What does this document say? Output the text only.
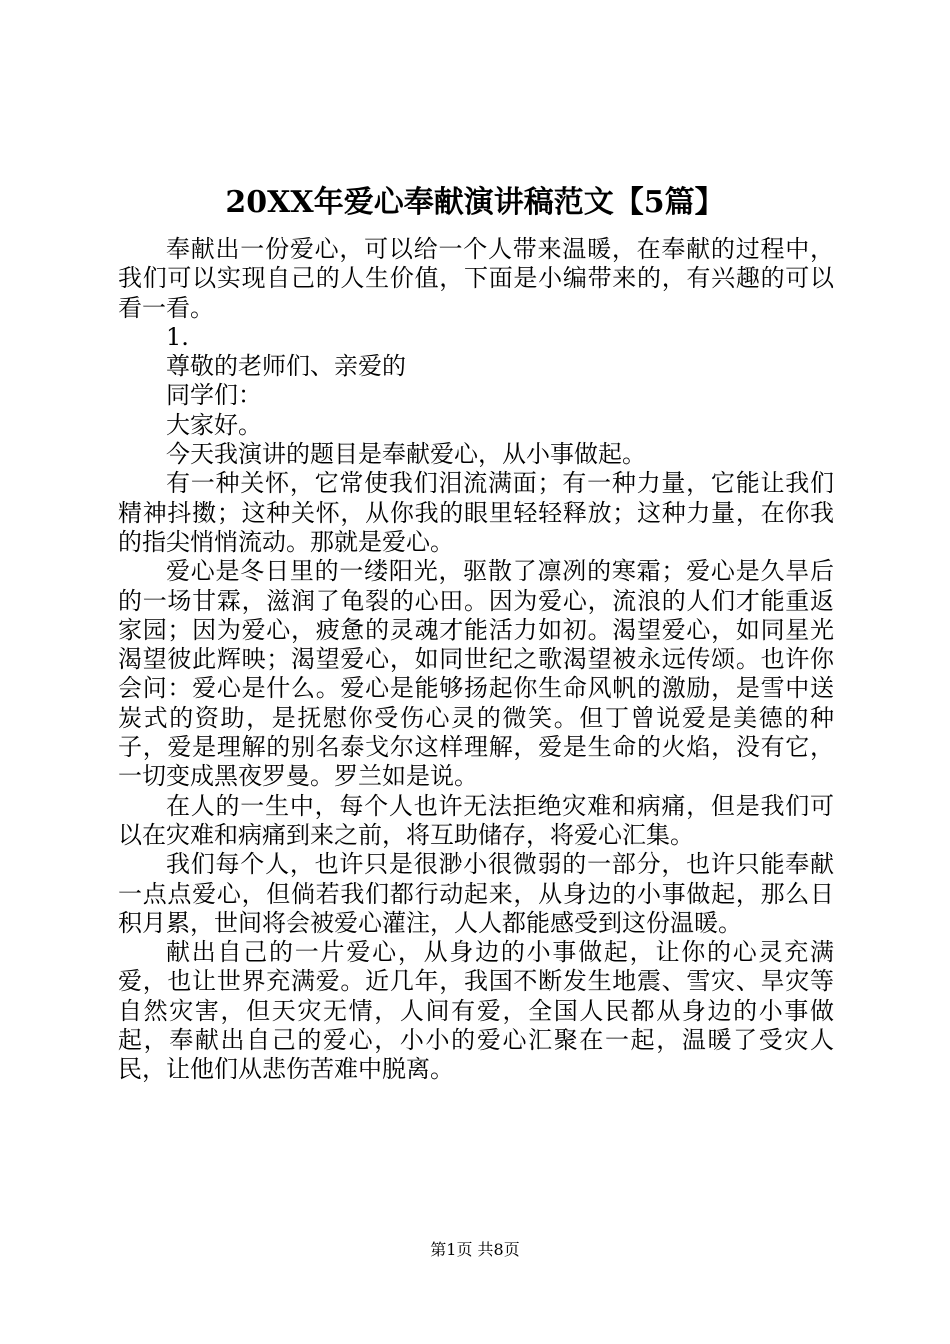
20XX年爱心奉献演讲稿范文【5篇】

奉献出一份爱心，可以给一个人带来温暖，在奉献的过程中，我们可以实现自己的人生价值，下面是小编带来的，有兴趣的可以看一看。

1.

尊敬的老师们、亲爱的

同学们：

大家好。

今天我演讲的题目是奉献爱心，从小事做起。

有一种关怀，它常使我们泪流满面；有一种力量，它能让我们精神抖擞；这种关怀，从你我的眼里轻轻释放；这种力量，在你我的指尖悄悄流动。那就是爱心。

爱心是冬日里的一缕阳光，驱散了凛冽的寒霜；爱心是久旱后的一场甘霖，滋润了龟裂的心田。因为爱心，流浪的人们才能重返家园；因为爱心，疲惫的灵魂才能活力如初。渴望爱心，如同星光渴望彼此辉映；渴望爱心，如同世纪之歌渴望被永远传颂。也许你会问：爱心是什么。爱心是能够扬起你生命风帆的激励，是雪中送炭式的资助，是抚慰你受伤心灵的微笑。但丁曾说爱是美德的种子，爱是理解的别名泰戈尔这样理解，爱是生命的火焰，没有它，一切变成黑夜罗曼。罗兰如是说。

在人的一生中，每个人也许无法拒绝灾难和病痛，但是我们可以在灾难和病痛到来之前，将互助储存，将爱心汇集。

我们每个人，也许只是很渺小很微弱的一部分，也许只能奉献一点点爱心，但倘若我们都行动起来，从身边的小事做起，那么日积月累，世间将会被爱心灌注，人人都能感受到这份温暖。

献出自己的一片爱心，从身边的小事做起，让你的心灵充满爱，也让世界充满爱。近几年，我国不断发生地震、雪灾、旱灾等自然灾害，但天灾无情，人间有爱，全国人民都从身边的小事做起，奉献出自己的爱心，小小的爱心汇聚在一起，温暖了受灾人民，让他们从悲伤苦难中脱离。

第1页 共8页
